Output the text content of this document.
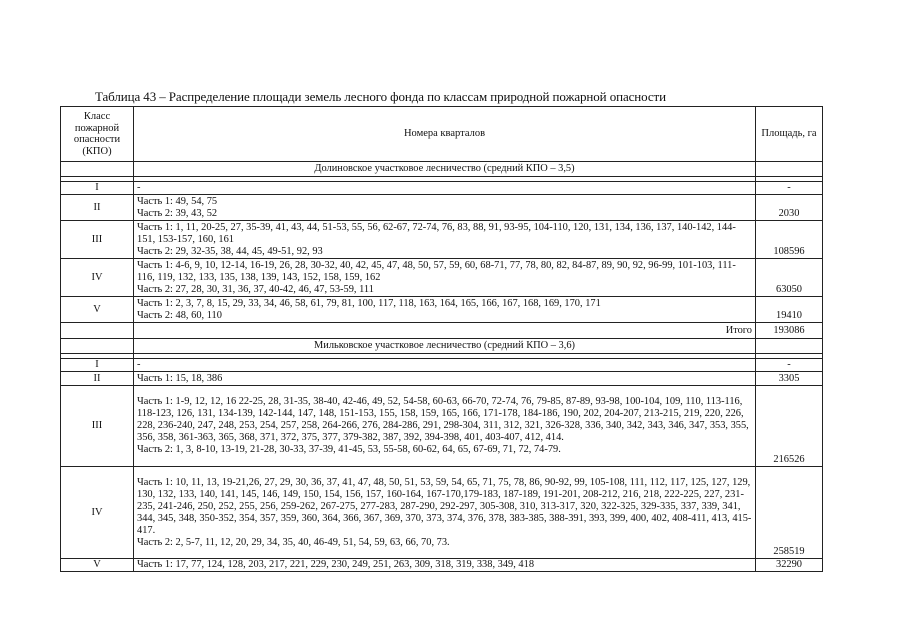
Таблица 43 – Распределение площади земель лесного фонда по классам природной пожарной опасности
Класс пожарной опасности (КПО)	Номера кварталов	Площадь, га
	Долиновское участковое лесничество (средний КПО – 3,5)	

I	-	-
II	Часть 1: 49, 54, 75
Часть 2: 39, 43, 52	2030
III	Часть 1: 1, 11, 20-25, 27, 35-39, 41, 43, 44, 51-53, 55, 56, 62-67, 72-74, 76, 83, 88, 91, 93-95, 104-110, 120, 131, 134, 136, 137, 140-142, 144-151, 153-157, 160, 161
Часть 2: 29, 32-35, 38, 44, 45, 49-51, 92, 93	108596
IV	Часть 1: 4-6, 9, 10, 12-14, 16-19, 26, 28, 30-32, 40, 42, 45, 47, 48, 50, 57, 59, 60, 68-71, 77, 78, 80, 82, 84-87, 89, 90, 92, 96-99, 101-103, 111-116, 119, 132, 133, 135, 138, 139, 143, 152, 158, 159, 162
Часть 2: 27, 28, 30, 31, 36, 37, 40-42, 46, 47, 53-59, 111	63050
V	Часть 1: 2, 3, 7, 8, 15, 29, 33, 34, 46, 58, 61, 79, 81, 100, 117, 118, 163, 164, 165, 166, 167, 168, 169, 170, 171
Часть 2: 48, 60, 110	19410
	Итого	193086
	Мильковское участковое лесничество (средний КПО – 3,6)	

I	-	-
II	Часть 1: 15, 18, 386	3305
III	Часть 1: 1-9, 12, 12, 16 22-25, 28, 31-35, 38-40, 42-46, 49, 52, 54-58, 60-63, 66-70, 72-74, 76, 79-85, 87-89, 93-98, 100-104, 109, 110, 113-116, 118-123, 126, 131, 134-139, 142-144, 147, 148, 151-153, 155, 158, 159, 165, 166, 171-178, 184-186, 190, 202, 204-207, 213-215, 219, 220, 226, 228, 236-240, 247, 248, 253, 254, 257, 258, 264-266, 276, 284-286, 291, 298-304, 311, 312, 321, 326-328, 336, 340, 342, 343, 346, 347, 353, 355, 356, 358, 361-363, 365, 368, 371, 372, 375, 377, 379-382, 387, 392, 394-398, 401, 403-407, 412, 414.
Часть 2: 1, 3, 8-10, 13-19, 21-28, 30-33, 37-39, 41-45, 53, 55-58, 60-62, 64, 65, 67-69, 71, 72, 74-79.	216526
IV	Часть 1: 10, 11, 13, 19-21,26, 27, 29, 30, 36, 37, 41, 47, 48, 50, 51, 53, 59, 54, 65, 71, 75, 78, 86, 90-92, 99, 105-108, 111, 112, 117, 125, 127, 129, 130, 132, 133, 140, 141, 145, 146, 149, 150, 154, 156, 157, 160-164, 167-170,179-183, 187-189, 191-201, 208-212, 216, 218, 222-225, 227, 231-235, 241-246, 250, 252, 255, 256, 259-262, 267-275, 277-283, 287-290, 292-297, 305-308, 310, 313-317, 320, 322-325, 329-335, 337, 339, 341, 344, 345, 348, 350-352, 354, 357, 359, 360, 364, 366, 367, 369, 370, 373, 374, 376, 378, 383-385, 388-391, 393, 399, 400, 402, 408-411, 413, 415-417.
Часть 2: 2, 5-7, 11, 12, 20, 29, 34, 35, 40, 46-49, 51, 54, 59, 63, 66, 70, 73.	258519
V	Часть 1: 17, 77, 124, 128, 203, 217, 221, 229, 230, 249, 251, 263, 309, 318, 319, 338, 349, 418	32290
